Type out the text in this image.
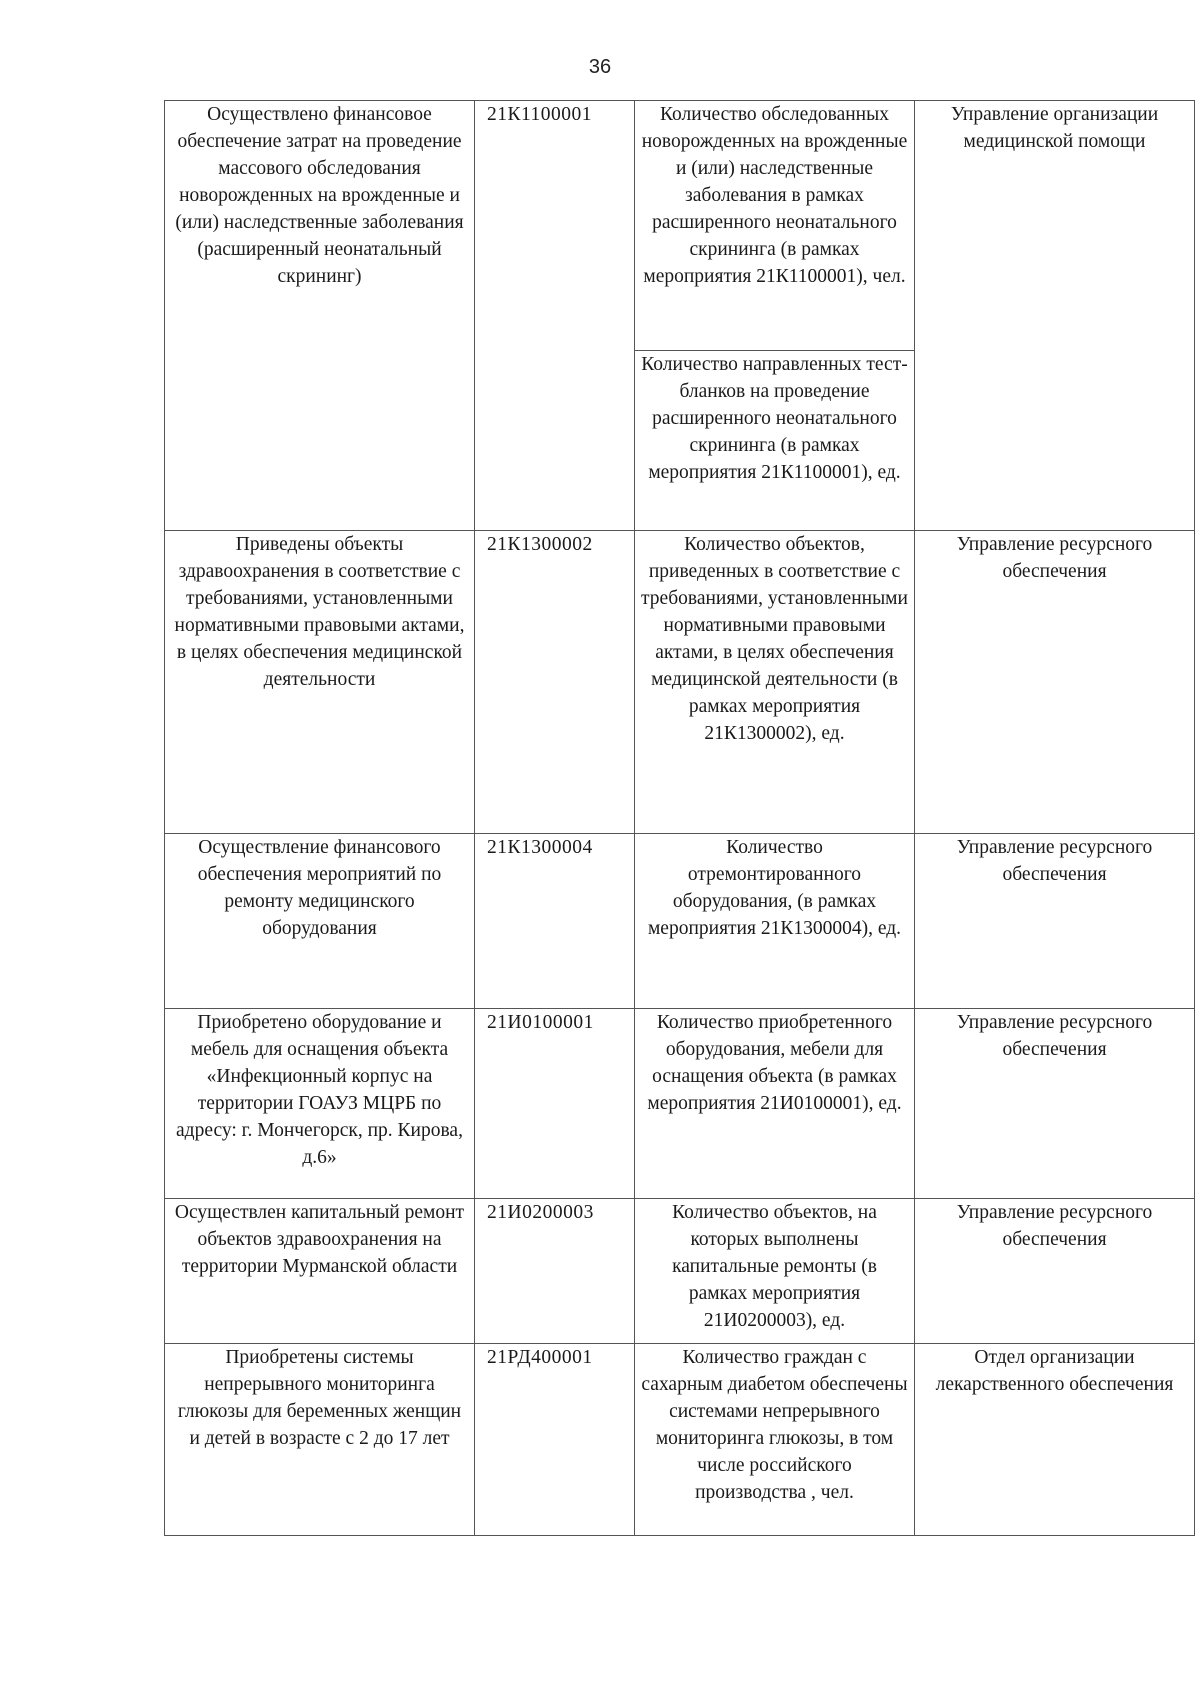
36
Осуществлено финансовое обеспечение затрат на проведение массового обследования новорожденных на врожденные и (или) наследственные заболевания (расширенный неонатальный скрининг)	21К1100001	Количество обследованных новорожденных на врожденные и (или) наследственные заболевания в рамках расширенного неонатального скрининга (в рамках мероприятия 21К1100001), чел.	Управление организации медицинской помощи
		Количество направленных тест-бланков на проведение расширенного неонатального скрининга (в рамках мероприятия 21К1100001), ед.	
Приведены объекты здравоохранения в соответствие с требованиями, установленными нормативными правовыми актами, в целях обеспечения медицинской деятельности	21К1300002	Количество объектов, приведенных в соответствие с требованиями, установленными нормативными правовыми актами, в целях обеспечения медицинской деятельности (в рамках мероприятия 21К1300002), ед.	Управление ресурсного обеспечения
Осуществление финансового обеспечения мероприятий по ремонту медицинского оборудования	21К1300004	Количество отремонтированного оборудования, (в рамках мероприятия 21К1300004), ед.	Управление ресурсного обеспечения
Приобретено оборудование и мебель для оснащения объекта «Инфекционный корпус на территории ГОАУЗ МЦРБ по адресу: г. Мончегорск, пр. Кирова, д.6»	21И0100001	Количество приобретенного оборудования, мебели для оснащения объекта (в рамках мероприятия 21И0100001), ед.	Управление ресурсного обеспечения
Осуществлен капитальный ремонт объектов здравоохранения на территории Мурманской области	21И0200003	Количество объектов, на которых выполнены капитальные ремонты (в рамках мероприятия 21И0200003), ед.	Управление ресурсного обеспечения
Приобретены системы непрерывного мониторинга глюкозы для беременных женщин и детей в возрасте с 2 до 17 лет	21РД400001	Количество граждан с сахарным диабетом обеспечены системами непрерывного мониторинга глюкозы, в том числе российского производства , чел.	Отдел организации лекарственного обеспечения
